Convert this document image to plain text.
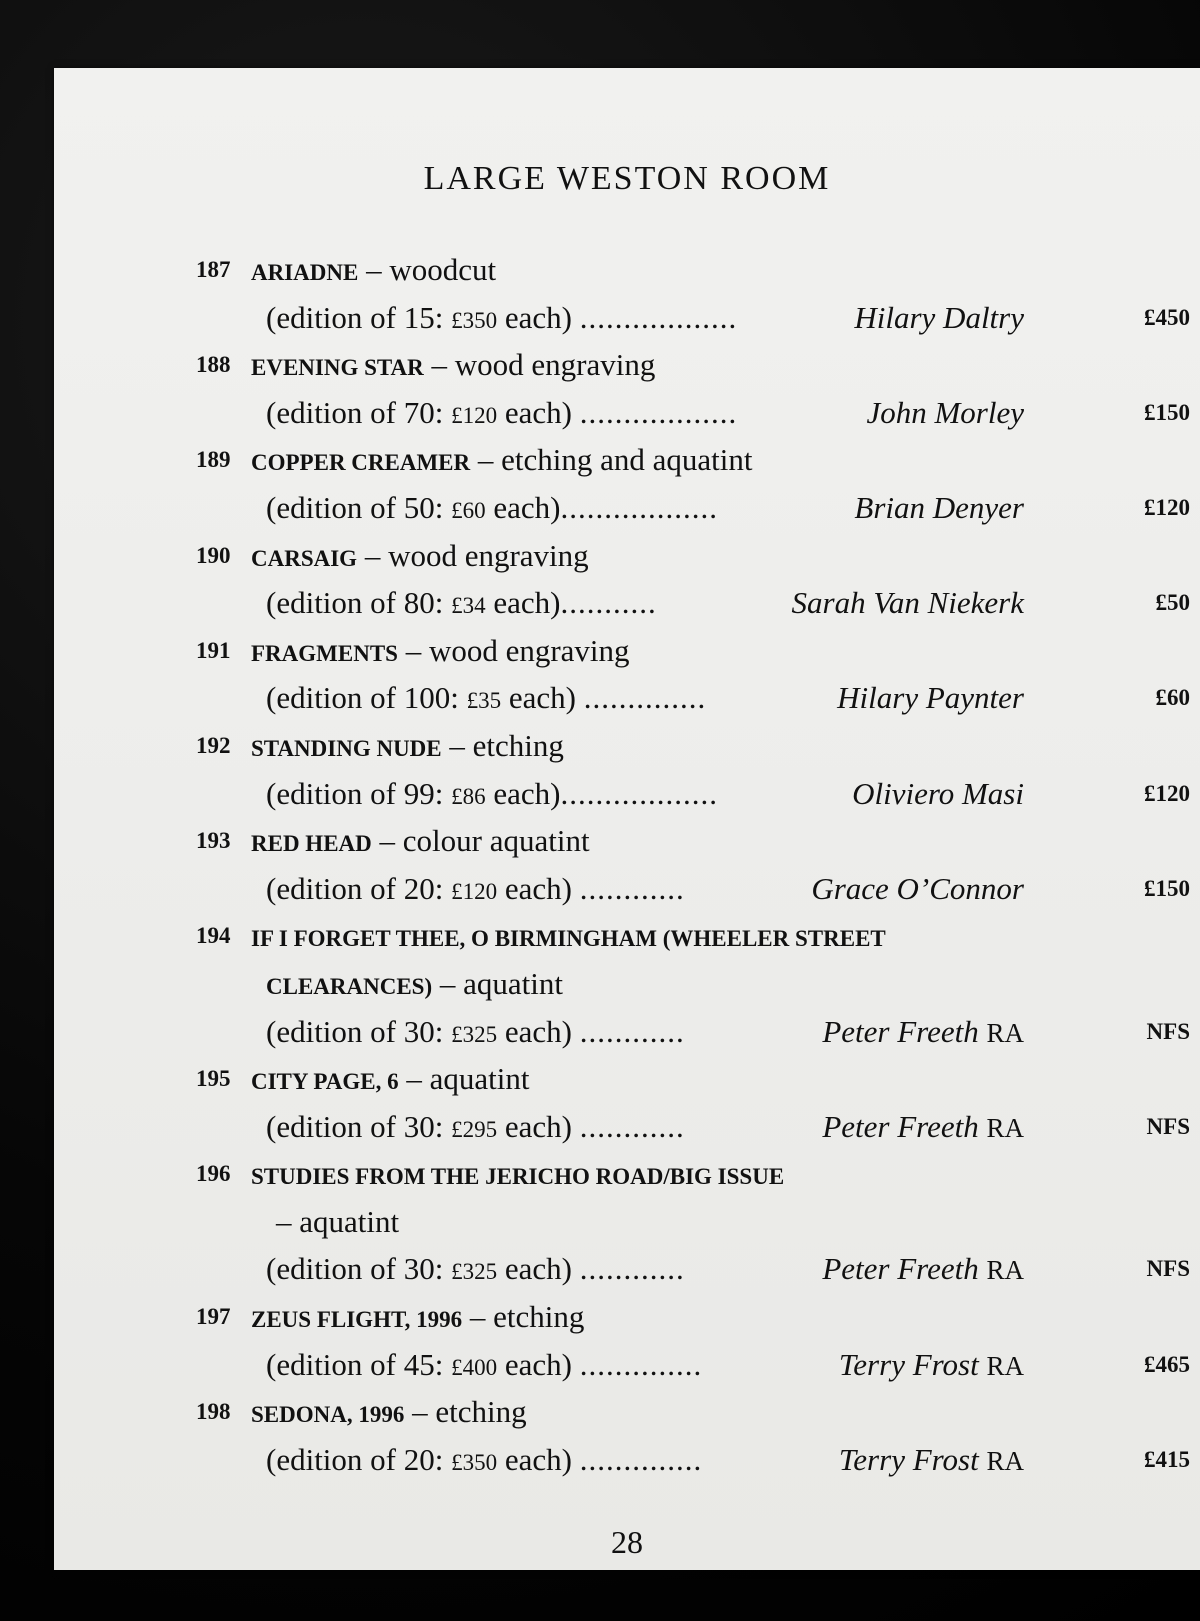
LARGE WESTON ROOM
187 ARIADNE – woodcut
(edition of 15: £350 each) ..................	Hilary Daltry	£450
188 EVENING STAR – wood engraving
(edition of 70: £120 each) ..................	John Morley	£150
189 COPPER CREAMER – etching and aquatint
(edition of 50: £60 each)..................	Brian Denyer	£120
190 CARSAIG – wood engraving
(edition of 80: £34 each)...........	Sarah Van Niekerk	£50
191 FRAGMENTS – wood engraving
(edition of 100: £35 each) ..............	Hilary Paynter	£60
192 STANDING NUDE – etching
(edition of 99: £86 each)..................	Oliviero Masi	£120
193 RED HEAD – colour aquatint
(edition of 20: £120 each) ............	Grace O’Connor	£150
194 IF I FORGET THEE, O BIRMINGHAM (WHEELER STREET
CLEARANCES) – aquatint
(edition of 30: £325 each) ............	Peter Freeth RA	NFS
195 CITY PAGE, 6 – aquatint
(edition of 30: £295 each) ............	Peter Freeth RA	NFS
196 STUDIES FROM THE JERICHO ROAD/BIG ISSUE
– aquatint
(edition of 30: £325 each) ............	Peter Freeth RA	NFS
197 ZEUS FLIGHT, 1996 – etching
(edition of 45: £400 each) ..............	Terry Frost RA	£465
198 SEDONA, 1996 – etching
(edition of 20: £350 each) ..............	Terry Frost RA	£415
28
